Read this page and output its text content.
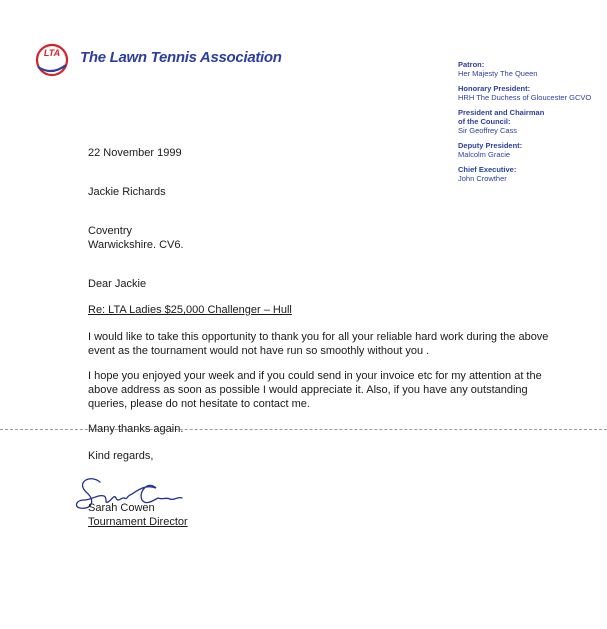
LTA The Lawn Tennis Association	Patron:
Her Majesty The Queen
Honorary President:
HRH The Duchess of Gloucester GCVO
President and Chairman of the Council:
Sir Geoffrey Cass
Deputy President:
Malcolm Gracie
Chief Executive:
John Crowther
22 November 1999
Jackie Richards
Coventry
Warwickshire. CV6.
Dear Jackie
Re: LTA Ladies $25,000 Challenger – Hull
I would like to take this opportunity to thank you for all your reliable hard work during the above event as the tournament would not have run so smoothly without you .
I hope you enjoyed your week and if you could send in your invoice etc for my attention at the above address as soon as possible I would appreciate it. Also, if you have any outstanding queries, please do not hesitate to contact me.
Many thanks again.
Kind regards,
Sarah Cowen
Tournament Director
